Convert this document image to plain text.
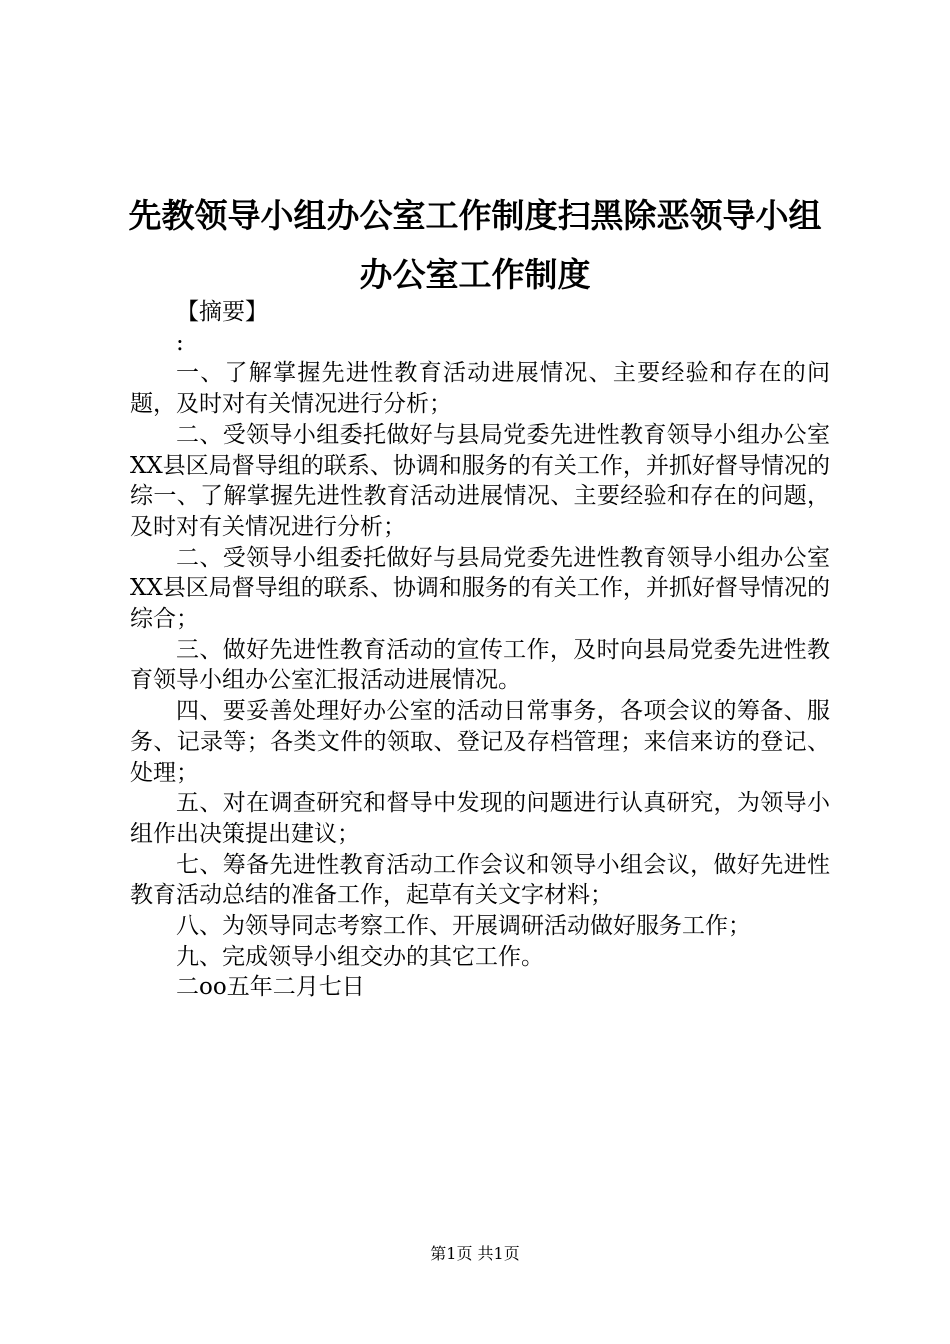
先教领导小组办公室工作制度扫黑除恶领导小组办公室工作制度

【摘要】

:

一、了解掌握先进性教育活动进展情况、主要经验和存在的问题，及时对有关情况进行分析；

二、受领导小组委托做好与县局党委先进性教育领导小组办公室XX县区局督导组的联系、协调和服务的有关工作，并抓好督导情况的综一、了解掌握先进性教育活动进展情况、主要经验和存在的问题，及时对有关情况进行分析；

二、受领导小组委托做好与县局党委先进性教育领导小组办公室XX县区局督导组的联系、协调和服务的有关工作，并抓好督导情况的综合；

三、做好先进性教育活动的宣传工作，及时向县局党委先进性教育领导小组办公室汇报活动进展情况。

四、要妥善处理好办公室的活动日常事务，各项会议的筹备、服务、记录等；各类文件的领取、登记及存档管理；来信来访的登记、处理；

五、对在调查研究和督导中发现的问题进行认真研究，为领导小组作出决策提出建议；

七、筹备先进性教育活动工作会议和领导小组会议，做好先进性教育活动总结的准备工作，起草有关文字材料；

八、为领导同志考察工作、开展调研活动做好服务工作；

九、完成领导小组交办的其它工作。

二oo五年二月七日

第1页 共1页
